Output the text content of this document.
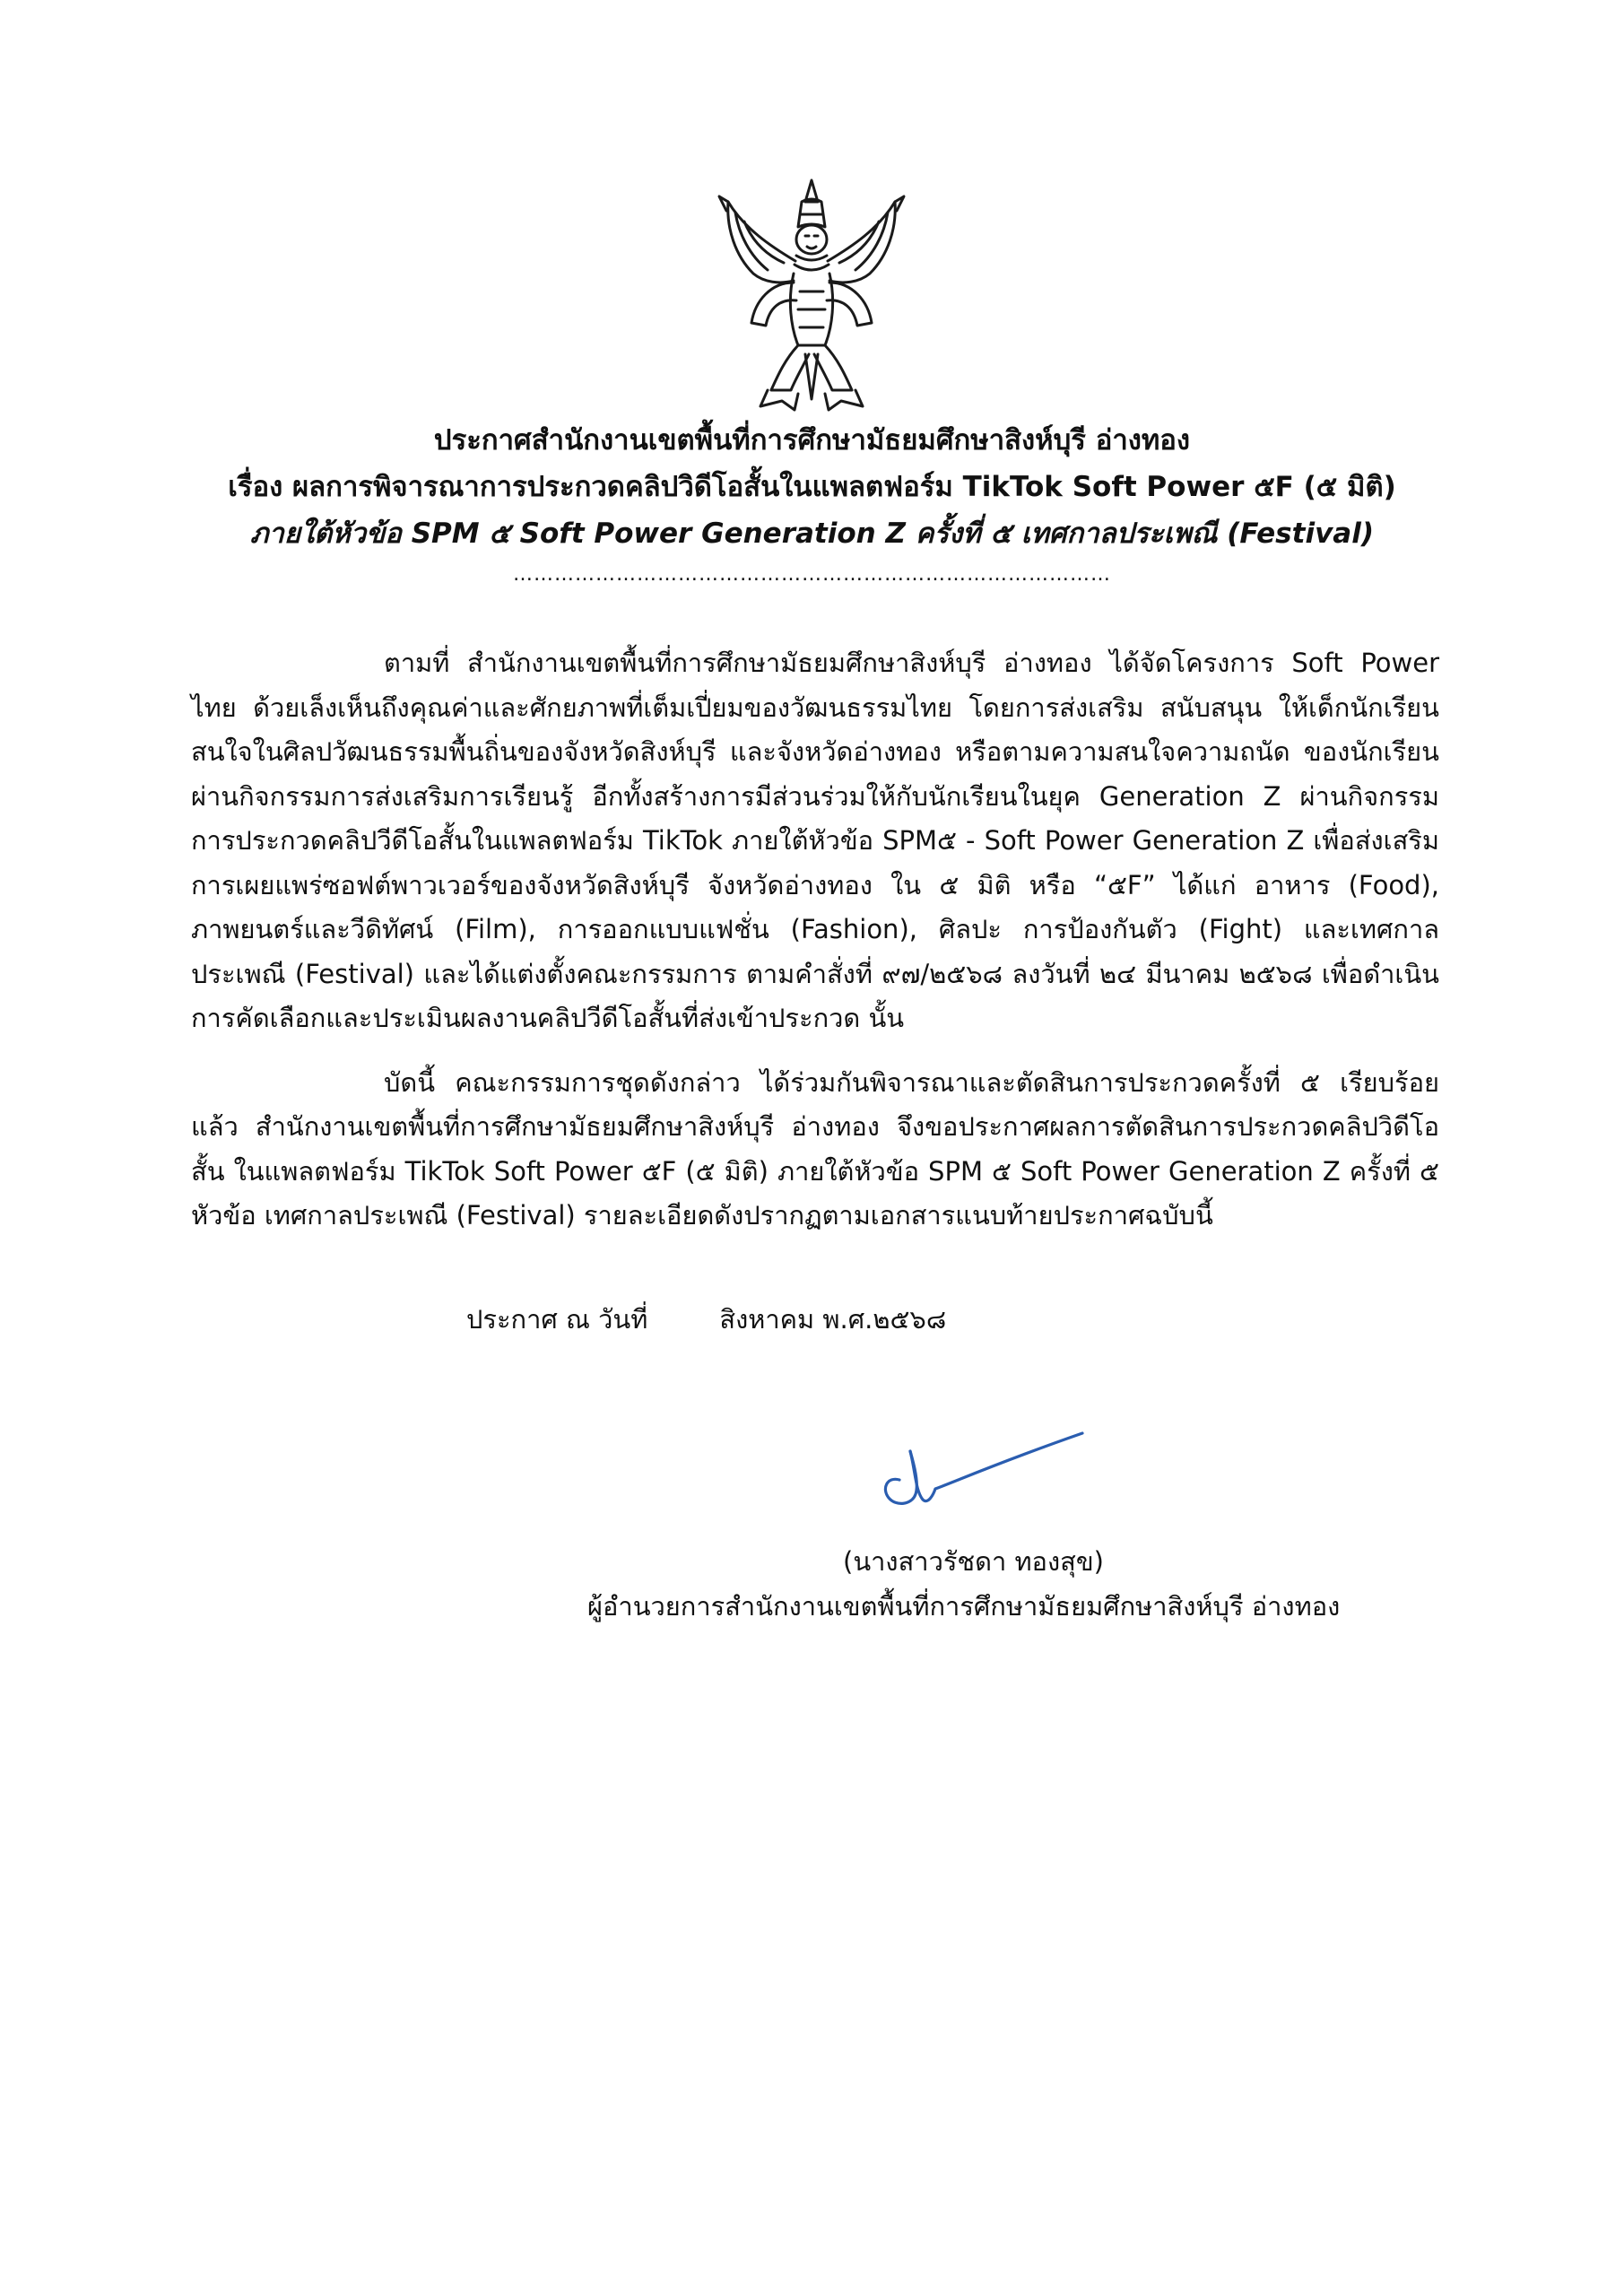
ประกาศสำนักงานเขตพื้นที่การศึกษามัธยมศึกษาสิงห์บุรี อ่างทอง
เรื่อง ผลการพิจารณาการประกวดคลิปวิดีโอสั้นในแพลตฟอร์ม TikTok Soft Power ๕F (๕ มิติ)
ภายใต้หัวข้อ SPM ๕ Soft Power Generation Z ครั้งที่ ๕ เทศกาลประเพณี (Festival)
……………………………………………………………………………

ตามที่ สำนักงานเขตพื้นที่การศึกษามัธยมศึกษาสิงห์บุรี อ่างทอง ได้จัดโครงการ Soft Power ไทย ด้วยเล็งเห็นถึงคุณค่าและศักยภาพที่เต็มเปี่ยมของวัฒนธรรมไทย โดยการส่งเสริม สนับสนุน ให้เด็กนักเรียน สนใจในศิลปวัฒนธรรมพื้นถิ่นของจังหวัดสิงห์บุรี และจังหวัดอ่างทอง หรือตามความสนใจความถนัด ของนักเรียน ผ่านกิจกรรมการส่งเสริมการเรียนรู้ อีกทั้งสร้างการมีส่วนร่วมให้กับนักเรียนในยุค Generation Z ผ่านกิจกรรมการประกวดคลิปวีดีโอสั้นในแพลตฟอร์ม TikTok ภายใต้หัวข้อ SPM๕ - Soft Power Generation Z เพื่อส่งเสริมการเผยแพร่ซอฟต์พาวเวอร์ของจังหวัดสิงห์บุรี จังหวัดอ่างทอง ใน ๕ มิติ หรือ “๕F” ได้แก่ อาหาร (Food), ภาพยนตร์และวีดิทัศน์ (Film), การออกแบบแฟชั่น (Fashion), ศิลปะ การป้องกันตัว (Fight) และเทศกาลประเพณี (Festival) และได้แต่งตั้งคณะกรรมการ ตามคำสั่งที่ ๙๗/๒๕๖๘ ลงวันที่ ๒๔ มีนาคม ๒๕๖๘ เพื่อดำเนินการคัดเลือกและประเมินผลงานคลิปวีดีโอสั้นที่ส่งเข้าประกวด นั้น

บัดนี้ คณะกรรมการชุดดังกล่าว ได้ร่วมกันพิจารณาและตัดสินการประกวดครั้งที่ ๕ เรียบร้อยแล้ว สำนักงานเขตพื้นที่การศึกษามัธยมศึกษาสิงห์บุรี อ่างทอง จึงขอประกาศผลการตัดสินการประกวดคลิปวิดีโอสั้น ในแพลตฟอร์ม TikTok Soft Power ๕F (๕ มิติ) ภายใต้หัวข้อ SPM ๕ Soft Power Generation Z ครั้งที่ ๕ หัวข้อ เทศกาลประเพณี (Festival) รายละเอียดดังปรากฏตามเอกสารแนบท้ายประกาศฉบับนี้

ประกาศ ณ วันที่	สิงหาคม พ.ศ.๒๕๖๘
(นางสาวรัชดา ทองสุข)
ผู้อำนวยการสำนักงานเขตพื้นที่การศึกษามัธยมศึกษาสิงห์บุรี อ่างทอง
